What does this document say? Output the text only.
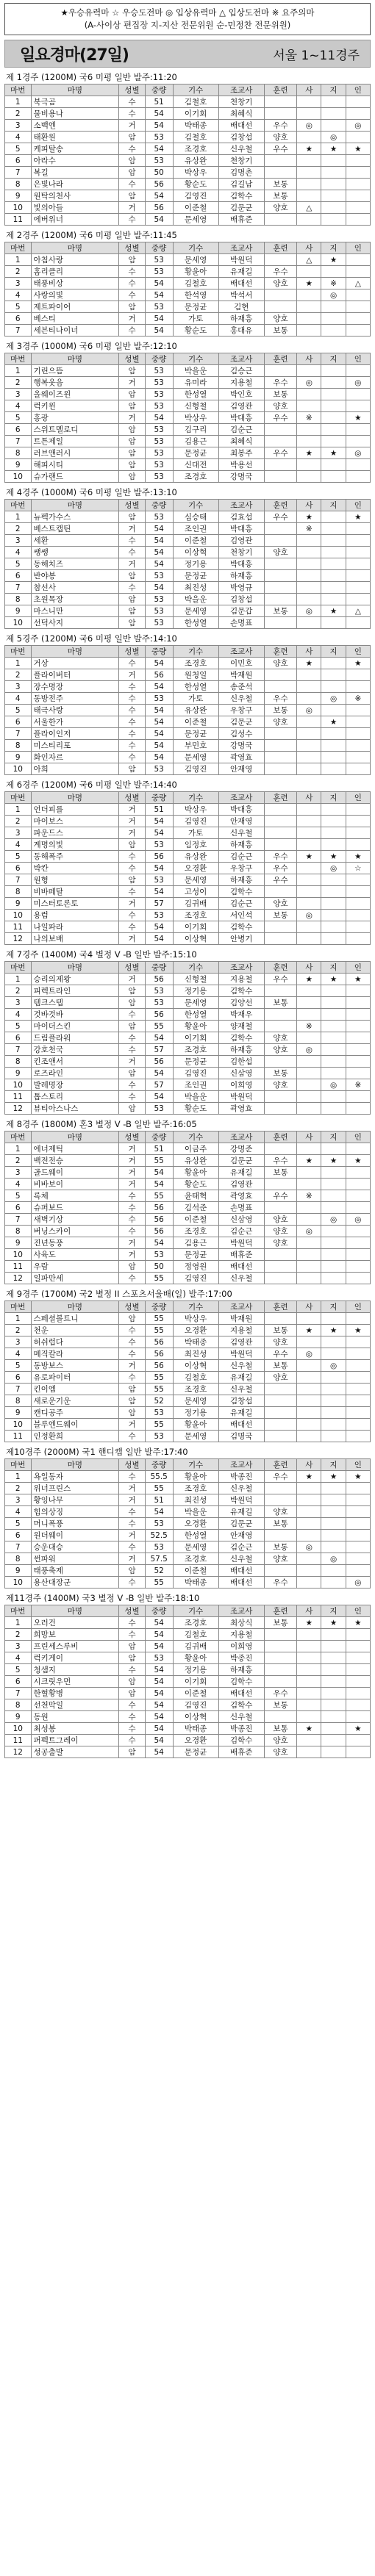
★우승유력마 ☆ 우승도전마 ◎ 입상유력마 △ 입상도전마 ※ 요주의마
(A-사이상 편집장 지-지산 전문위원 순-민정찬 전문위원)
일요경마(27일)	서울 1~11경주
제 1경주 (1200M) 국6 미평 일반 발주:11:20
마번	마명	성별	중량	기수	조교사	훈련	사	지	인
1	북극곰	수	51	김철호	천창기				
2	물비용나	수	54	이기회	최혜식				
3	소백엔	거	54	박태종	배대선	우수	◎		◎
4	태환원	암	53	김철호	김창섭	양호		◎	
5	케피탈송	수	54	조경호	신우철	우수	★	★	★
6	아라수	암	53	유상완	천창기				
7	복길	암	50	박상우	김명촌				
8	은빛나라	수	56	황순도	김길남	보통			
9	원탁의천사	암	54	김영진	김학수	보통			
10	빛의아들	거	56	이준철	김문군	양호	△		
11	에버위너	수	54	문세영	배휴준				
제 2경주 (1200M) 국6 미평 일반 발주:11:45
마번	마명	성별	중량	기수	조교사	훈련	사	지	인
1	아침사랑	암	53	문세영	박원덕		△	★	
2	홈리클리	수	53	황윤아	유재길	우수			
3	태풍비상	수	54	김철호	배대선	양호	★	※	△
4	사랑의빛	수	54	한석영	박석서			◎	
5	제트파이어	암	53	문정균	김현				
6	베스티	거	54	가토	하재흥	양호			
7	세븐티나이너	수	54	황순도	홍대유	보통			
제 3경주 (1000M) 국6 미평 일반 발주:12:10
마번	마명	성별	중량	기수	조교사	훈련	사	지	인
1	기린으뜸	암	53	박을운	김승근				
2	행복웃음	거	53	유미라	지용철	우수	◎		◎
3	올웨이즈윈	암	53	한성열	박인호	보통			
4	럭키윈	암	53	신형철	김영관	양호			
5	홍광	거	54	박상우	박대흥	우수	※		★
6	스위트멜로디	암	53	김구리	김순근				
7	트튼제일	암	53	김용근	최혜식				
8	러브앤러시	암	53	문정균	최봉주	우수	★	★	◎
9	해피시티	암	53	신대전	박용선				
10	슈가랜드	암	53	조경호	강명국				
제 4경주 (1000M) 국6 미평 일반 발주:13:10
마번	마명	성별	중량	기수	조교사	훈련	사	지	인
1	뉴펙가수스	암	53	심승태	김효섭	우수	★		★
2	베스트캡틴	거	54	조인권	박대흥		※		
3	세환	수	54	이준철	김영관				
4	쌩쌩	수	54	이상혁	천창기	양호			
5	동해치즈	거	54	정기용	박대흥				
6	반야봉	암	53	문정균	하재흥				
7	참선사	수	54	최진성	박영규				
8	초원목장	암	53	박을운	김창섭				
9	마스니만	암	53	문세영	김문갑	보통	◎	★	△
10	선덕사지	암	53	한성열	손명표				
제 5경주 (1200M) 국6 미평 일반 발주:14:10
마번	마명	성별	중량	기수	조교사	훈련	사	지	인
1	거상	수	54	조경호	이민호	양호	★		★
2	플라이버터	거	56	원청일	박재원				
3	장수명장	수	54	한성열	송준석				
4	동방전주	수	53	가토	신우철	우수		◎	※
5	태극사랑	수	54	유상완	우창구	보통	◎		
6	서울한가	수	54	이준철	김문군	양호		★	
7	플라이인저	수	54	문정균	김성수				
8	미스티리포	수	54	부민호	강명국				
9	화인자르	수	54	문세영	곽영효				
10	아희	암	53	김영진	안재영				
제 6경주 (1200M) 국6 미평 일반 발주:14:40
마번	마명	성별	중량	기수	조교사	훈련	사	지	인
1	언더피를	거	51	박상우	박대흥				
2	마이보스	거	54	김영진	안재영				
3	파운드스	거	54	가토	신우철				
4	계명의빛	암	53	임정호	하재흥				
5	동해폭주	수	56	유상완	김순근	우수	★	★	★
6	박칸	수	54	오경환	우창구	우수		◎	☆
7	원형	암	53	문세영	하재흥	우수			
8	비바페탈	수	54	고성이	김학수				
9	미스터토론토	거	57	김귀배	김순근	양호			
10	용럼	수	53	조경호	서인석	보통	◎		
11	나일파라	수	54	이기회	김학수				
12	나의보배	거	54	이상혁	안병기				
제 7경주 (1400M) 국4 별정 V -B 일반 발주:15:10
마번	마명	성별	중량	기수	조교사	훈련	사	지	인
1	승리의제왕	거	56	신형철	지용철	우수	★	★	★
2	피렉트라인	암	53	정기용	김학수				
3	템크스텝	암	53	문세영	김양선	보통			
4	것바것바	수	56	한성열	박재우				
5	마이더스킨	암	55	황윤아	양재철		※		
6	드림플라워	수	54	이기회	김학수	양호			
7	강호천국	수	57	조경호	하재흥	양호	◎		
8	킨조앤서	거	56	문정균	김한섭				
9	로즈라인	암	54	김영진	신삼영	보통			
10	발레명장	수	57	조인권	이희영	양호		◎	※
11	톱스토리	수	54	박을운	박원덕				
12	뷰티아스나스	암	53	황순도	곽영효				
제 8경주 (1800M) 혼3 별정 V -B 일반 발주:16:05
마번	마명	성별	중량	기수	조교사	훈련	사	지	인
1	에너제틱	거	51	이금주	강명준				
2	백전전승	거	55	유상완	김문군	우수	★	★	★
3	골드웨이	거	54	황윤아	유재길	보통			
4	비바보이	거	54	황순도	김영관				
5	록체	수	55	윤태혁	곽영효	우수	※		
6	슈퍼보드	수	56	김석준	손명표				
7	새벽기상	수	56	이준철	신삼영	양호		◎	◎
8	버닝스카이	수	56	조경호	김순근	양호	◎		
9	진년동풍	거	54	김용근	박원덕	양호			
10	사육도	거	53	문정균	배휴준				
11	우람	암	50	정영원	배대선				
12	일파만세	수	55	김영진	신우철				
제 9경주 (1700M) 국2 별정 II 스포츠서울배(일) 발주:17:00
마번	마명	성별	중량	기수	조교사	훈련	사	지	인
1	스페셜볼트니	암	55	박상우	박재원				
2	천운	수	55	오경환	지용철	보통	★	★	★
3	허쉬럽다	수	56	박태종	김영관	양호			
4	메직칼라	수	56	최진성	박원덕	우수	◎		
5	동방보스	거	56	이상혁	신우철	보통		◎	
6	유로파이터	수	55	김철호	유재길	양호			
7	킨이엠	암	55	조경호	신우철				
8	새로운기운	암	52	문세영	김창섭				
9	캔디공주	암	53	정기용	유재길				
10	블루엔드웨이	거	55	황윤아	배대선				
11	인정환희	수	53	문세영	김명국				
제10경주 (2000M) 국1 핸디캡 일반 발주:17:40
마번	마명	성별	중량	기수	조교사	훈련	사	지	인
1	욕일동자	수	55.5	황윤아	박종진	우수	★	★	★
2	위너프린스	거	55	조경호	신우철				
3	황잉나무	거	51	최진성	박원덕				
4	힘의상징	수	54	박을운	유재길	양호			
5	머니폭풍	수	53	오경환	김문군	보통			
6	원더웨이	거	52.5	한성열	안재영				
7	승운대승	수	53	문세영	김순근	보통	◎		
8	썬파워	거	57.5	조경호	신우철	양호		◎	
9	태풍축제	암	52	이준철	배대선				
10	용산대장군	수	55	박태종	배대선	우수			◎
제11경주 (1400M) 국3 별정 V -B 일반 발주:18:10
마번	마명	성별	중량	기수	조교사	훈련	사	지	인
1	오러건	수	54	조경호	최상식	보통	★	★	★
2	희망보	수	54	김철호	지용철				
3	프린세스루비	암	54	김귀배	이희영				
4	럭키게이	암	53	황윤아	박종진				
5	청샘지	수	54	정기용	하재흥				
6	시크릿우먼	암	54	이기회	김학수				
7	한혈황병	암	54	이준철	배대선	우수			
8	선천막일	수	54	김영진	김학수	보통			
9	동원	수	54	이상혁	신우철				
10	최성봉	수	54	박태종	박종진	보통	★		★
11	퍼펙트그레이	수	54	오경환	김학수	양호			
12	성공출발	암	54	문정균	배휴준	양호			
